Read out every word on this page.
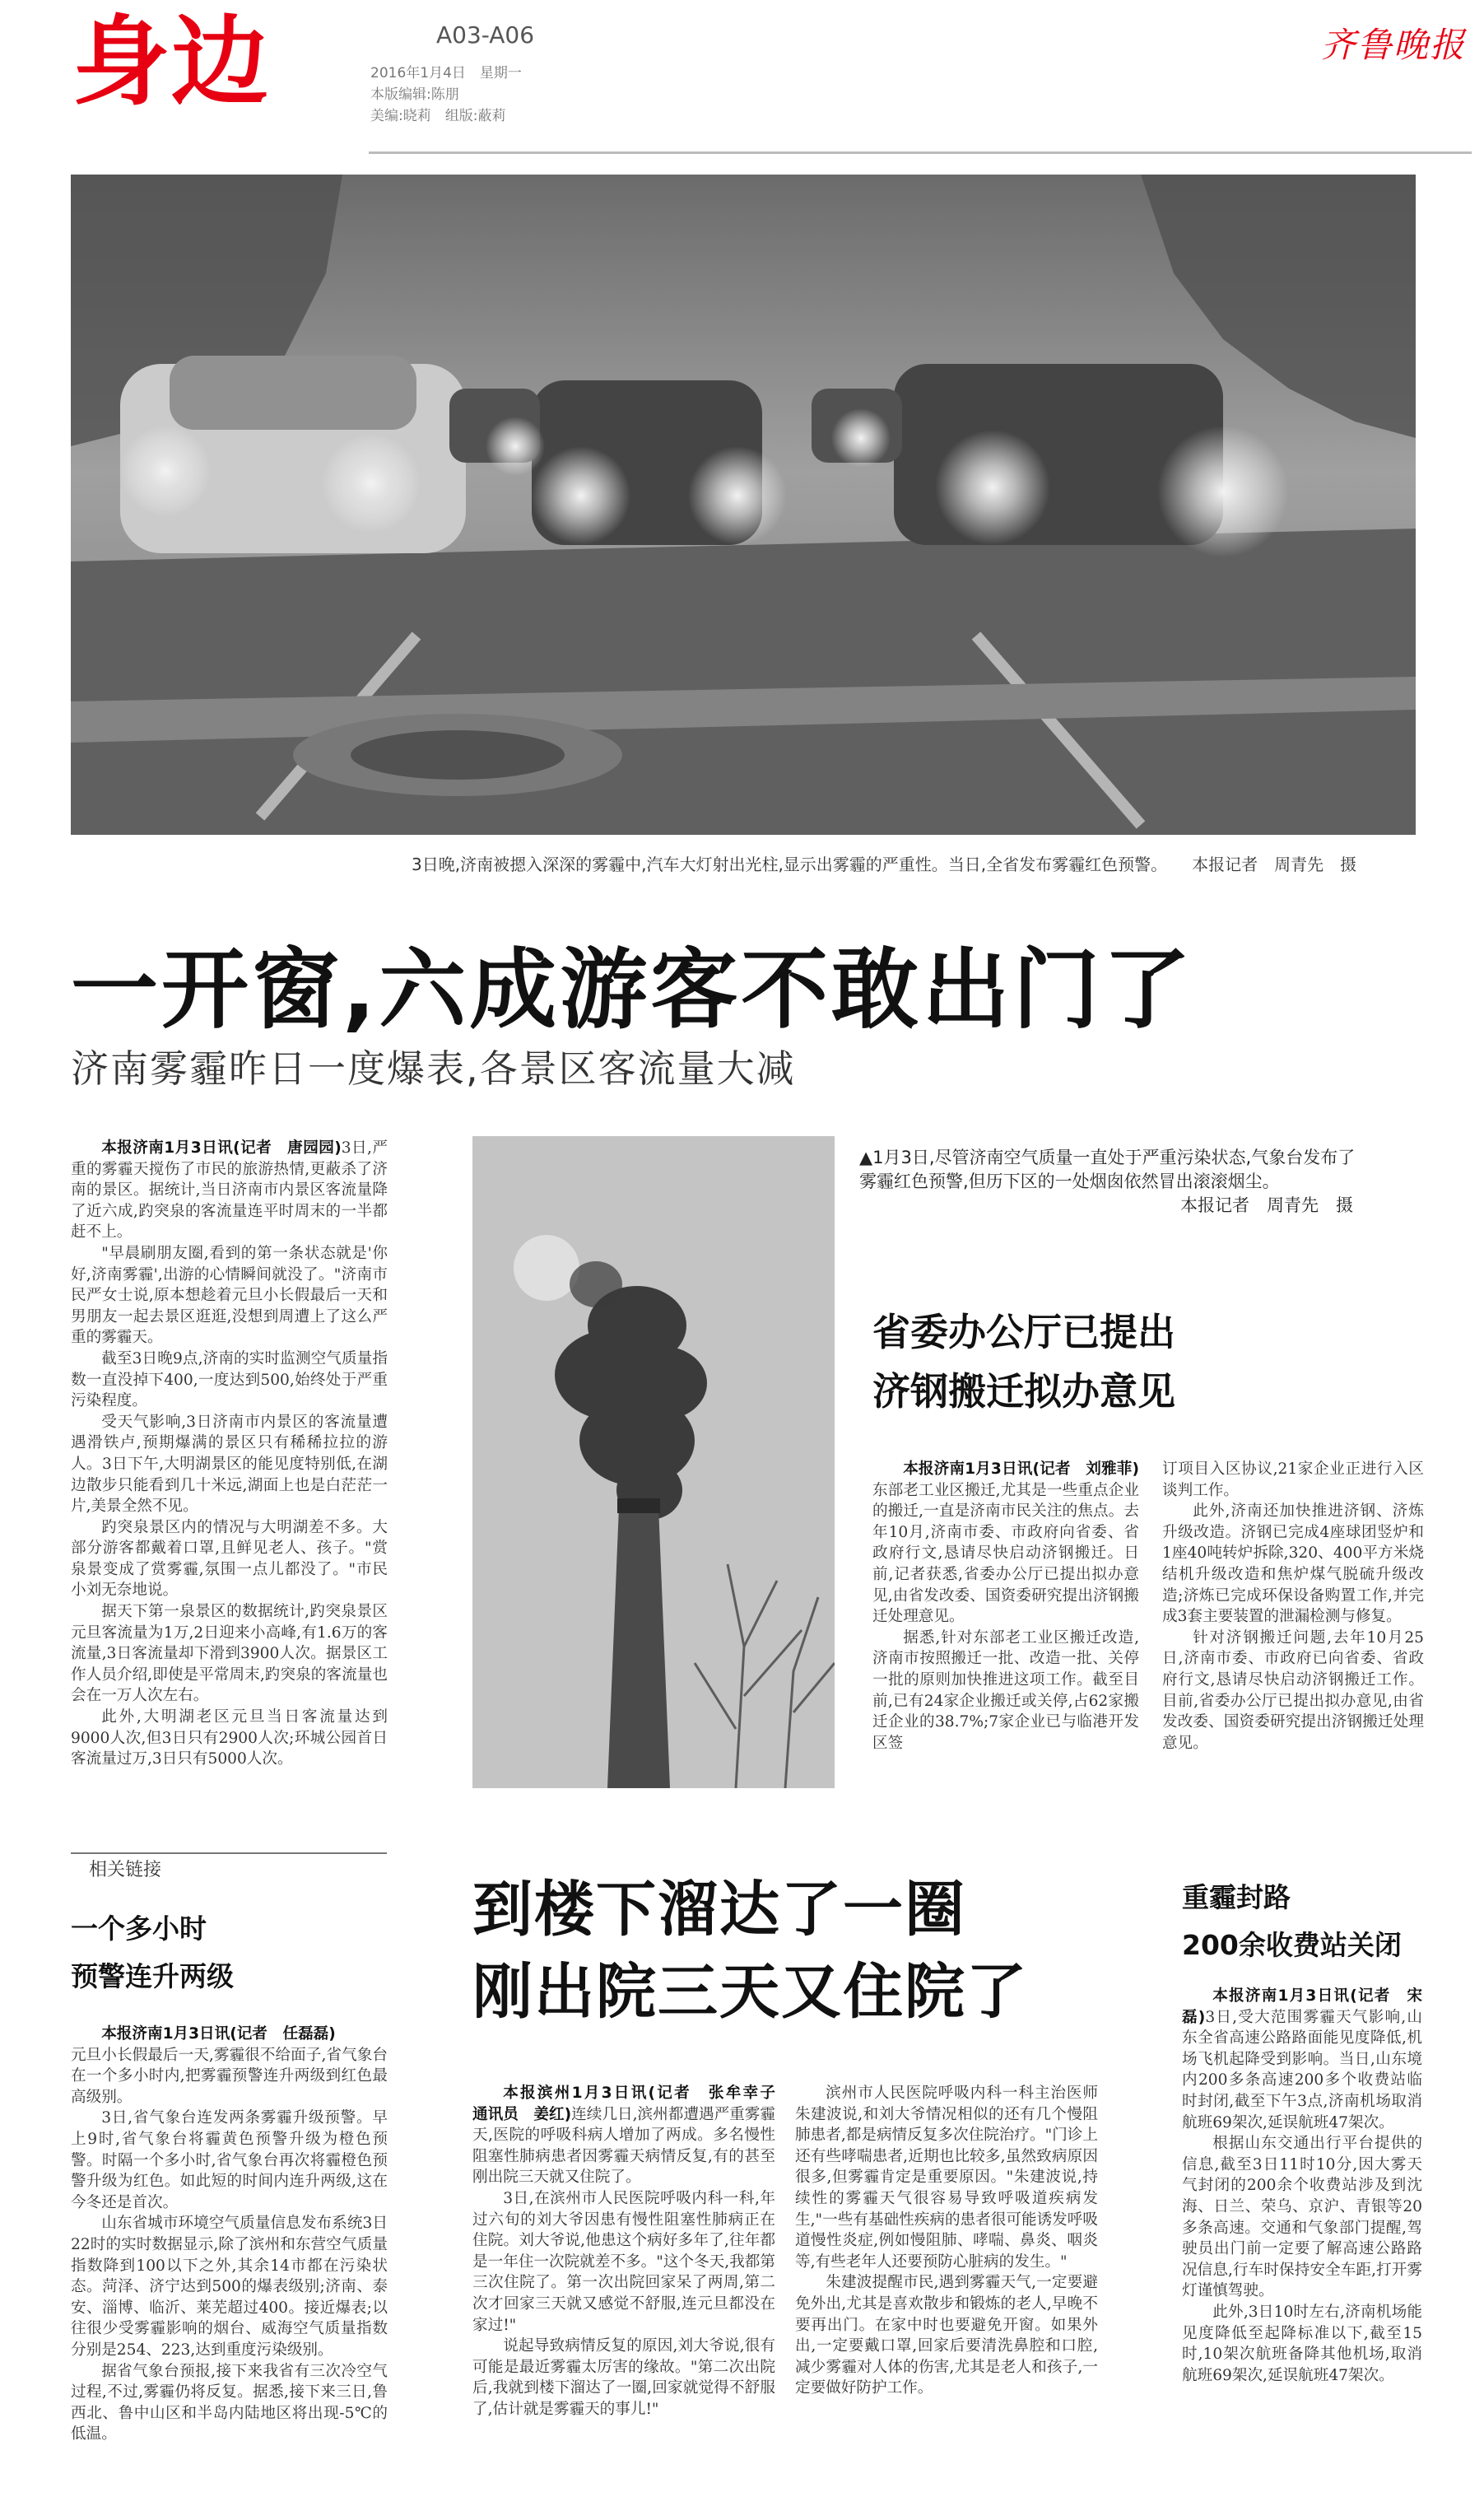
身边	A03-A06
2016年1月4日　星期一
本版编辑:陈朋
美编:晓莉　组版:蔽莉
齐鲁晚报
3日晚,济南被摁入深深的雾霾中,汽车大灯射出光柱,显示出雾霾的严重性。当日,全省发布雾霾红色预警。　　本报记者　周青先　摄
一开窗,六成游客不敢出门了
济南雾霾昨日一度爆表,各景区客流量大减

本报济南1月3日讯(记者　唐园园)3日,严重的雾霾天搅伤了市民的旅游热情,更蔽杀了济南的景区。据统计,当日济南市内景区客流量降了近六成,趵突泉的客流量连平时周末的一半都赶不上。

"早晨刷朋友圈,看到的第一条状态就是'你好,济南雾霾',出游的心情瞬间就没了。"济南市民严女士说,原本想趁着元旦小长假最后一天和男朋友一起去景区逛逛,没想到周遭上了这么严重的雾霾天。

截至3日晚9点,济南的实时监测空气质量指数一直没掉下400,一度达到500,始终处于严重污染程度。

受天气影响,3日济南市内景区的客流量遭遇滑铁卢,预期爆满的景区只有稀稀拉拉的游人。3日下午,大明湖景区的能见度特别低,在湖边散步只能看到几十米远,湖面上也是白茫茫一片,美景全然不见。

趵突泉景区内的情况与大明湖差不多。大部分游客都戴着口罩,且鲜见老人、孩子。"赏泉景变成了赏雾霾,氛围一点儿都没了。"市民小刘无奈地说。

据天下第一泉景区的数据统计,趵突泉景区元旦客流量为1万,2日迎来小高峰,有1.6万的客流量,3日客流量却下滑到3900人次。据景区工作人员介绍,即使是平常周末,趵突泉的客流量也会在一万人次左右。

此外,大明湖老区元旦当日客流量达到9000人次,但3日只有2900人次;环城公园首日客流量过万,3日只有5000人次。

▲1月3日,尽管济南空气质量一直处于严重污染状态,气象台发布了雾霾红色预警,但历下区的一处烟囱依然冒出滚滚烟尘。
本报记者　周青先　摄
省委办公厅已提出
济钢搬迁拟办意见

本报济南1月3日讯(记者　刘雅菲)东部老工业区搬迁,尤其是一些重点企业的搬迁,一直是济南市民关注的焦点。去年10月,济南市委、市政府向省委、省政府行文,恳请尽快启动济钢搬迁。日前,记者获悉,省委办公厅已提出拟办意见,由省发改委、国资委研究提出济钢搬迁处理意见。

据悉,针对东部老工业区搬迁改造,济南市按照搬迁一批、改造一批、关停一批的原则加快推进这项工作。截至目前,已有24家企业搬迁或关停,占62家搬迁企业的38.7%;7家企业已与临港开发区签

订项目入区协议,21家企业正进行入区谈判工作。

此外,济南还加快推进济钢、济炼升级改造。济钢已完成4座球团竖炉和1座40吨转炉拆除,320、400平方米烧结机升级改造和焦炉煤气脱硫升级改造;济炼已完成环保设备购置工作,并完成3套主要装置的泄漏检测与修复。

针对济钢搬迁问题,去年10月25日,济南市委、市政府已向省委、省政府行文,恳请尽快启动济钢搬迁工作。目前,省委办公厅已提出拟办意见,由省发改委、国资委研究提出济钢搬迁处理意见。

相关链接
一个多小时
预警连升两级

本报济南1月3日讯(记者　任磊磊)

元旦小长假最后一天,雾霾很不给面子,省气象台在一个多小时内,把雾霾预警连升两级到红色最高级别。

3日,省气象台连发两条雾霾升级预警。早上9时,省气象台将霾黄色预警升级为橙色预警。时隔一个多小时,省气象台再次将霾橙色预警升级为红色。如此短的时间内连升两级,这在今冬还是首次。

山东省城市环境空气质量信息发布系统3日22时的实时数据显示,除了滨州和东营空气质量指数降到100以下之外,其余14市都在污染状态。菏泽、济宁达到500的爆表级别;济南、泰安、淄博、临沂、莱芜超过400。接近爆表;以往很少受雾霾影响的烟台、威海空气质量指数分别是254、223,达到重度污染级别。

据省气象台预报,接下来我省有三次冷空气过程,不过,雾霾仍将反复。据悉,接下来三日,鲁西北、鲁中山区和半岛内陆地区将出现-5℃的低温。

到楼下溜达了一圈
刚出院三天又住院了

本报滨州1月3日讯(记者　张牟幸子　通讯员　姜红)连续几日,滨州都遭遇严重雾霾天,医院的呼吸科病人增加了两成。多名慢性阻塞性肺病患者因雾霾天病情反复,有的甚至刚出院三天就又住院了。

3日,在滨州市人民医院呼吸内科一科,年过六旬的刘大爷因患有慢性阻塞性肺病正在住院。刘大爷说,他患这个病好多年了,往年都是一年住一次院就差不多。"这个冬天,我都第三次住院了。第一次出院回家呆了两周,第二次才回家三天就又感觉不舒服,连元旦都没在家过!"

说起导致病情反复的原因,刘大爷说,很有可能是最近雾霾太厉害的缘故。"第二次出院后,我就到楼下溜达了一圈,回家就觉得不舒服了,估计就是雾霾天的事儿!"

滨州市人民医院呼吸内科一科主治医师朱建波说,和刘大爷情况相似的还有几个慢阻肺患者,都是病情反复多次住院治疗。"门诊上还有些哮喘患者,近期也比较多,虽然致病原因很多,但雾霾肯定是重要原因。"朱建波说,持续性的雾霾天气很容易导致呼吸道疾病发生,"一些有基础性疾病的患者很可能诱发呼吸道慢性炎症,例如慢阻肺、哮喘、鼻炎、咽炎等,有些老年人还要预防心脏病的发生。"

朱建波提醒市民,遇到雾霾天气,一定要避免外出,尤其是喜欢散步和锻炼的老人,早晚不要再出门。在家中时也要避免开窗。如果外出,一定要戴口罩,回家后要清洗鼻腔和口腔,减少雾霾对人体的伤害,尤其是老人和孩子,一定要做好防护工作。

重霾封路
200余收费站关闭

本报济南1月3日讯(记者　宋磊)3日,受大范围雾霾天气影响,山东全省高速公路路面能见度降低,机场飞机起降受到影响。当日,山东境内200多条高速200多个收费站临时封闭,截至下午3点,济南机场取消航班69架次,延误航班47架次。

根据山东交通出行平台提供的信息,截至3日11时10分,因大雾天气封闭的200余个收费站涉及到沈海、日兰、荣乌、京沪、青银等20多条高速。交通和气象部门提醒,驾驶员出门前一定要了解高速公路路况信息,行车时保持安全车距,打开雾灯谨慎驾驶。

此外,3日10时左右,济南机场能见度降低至起降标准以下,截至15时,10架次航班备降其他机场,取消航班69架次,延误航班47架次。
